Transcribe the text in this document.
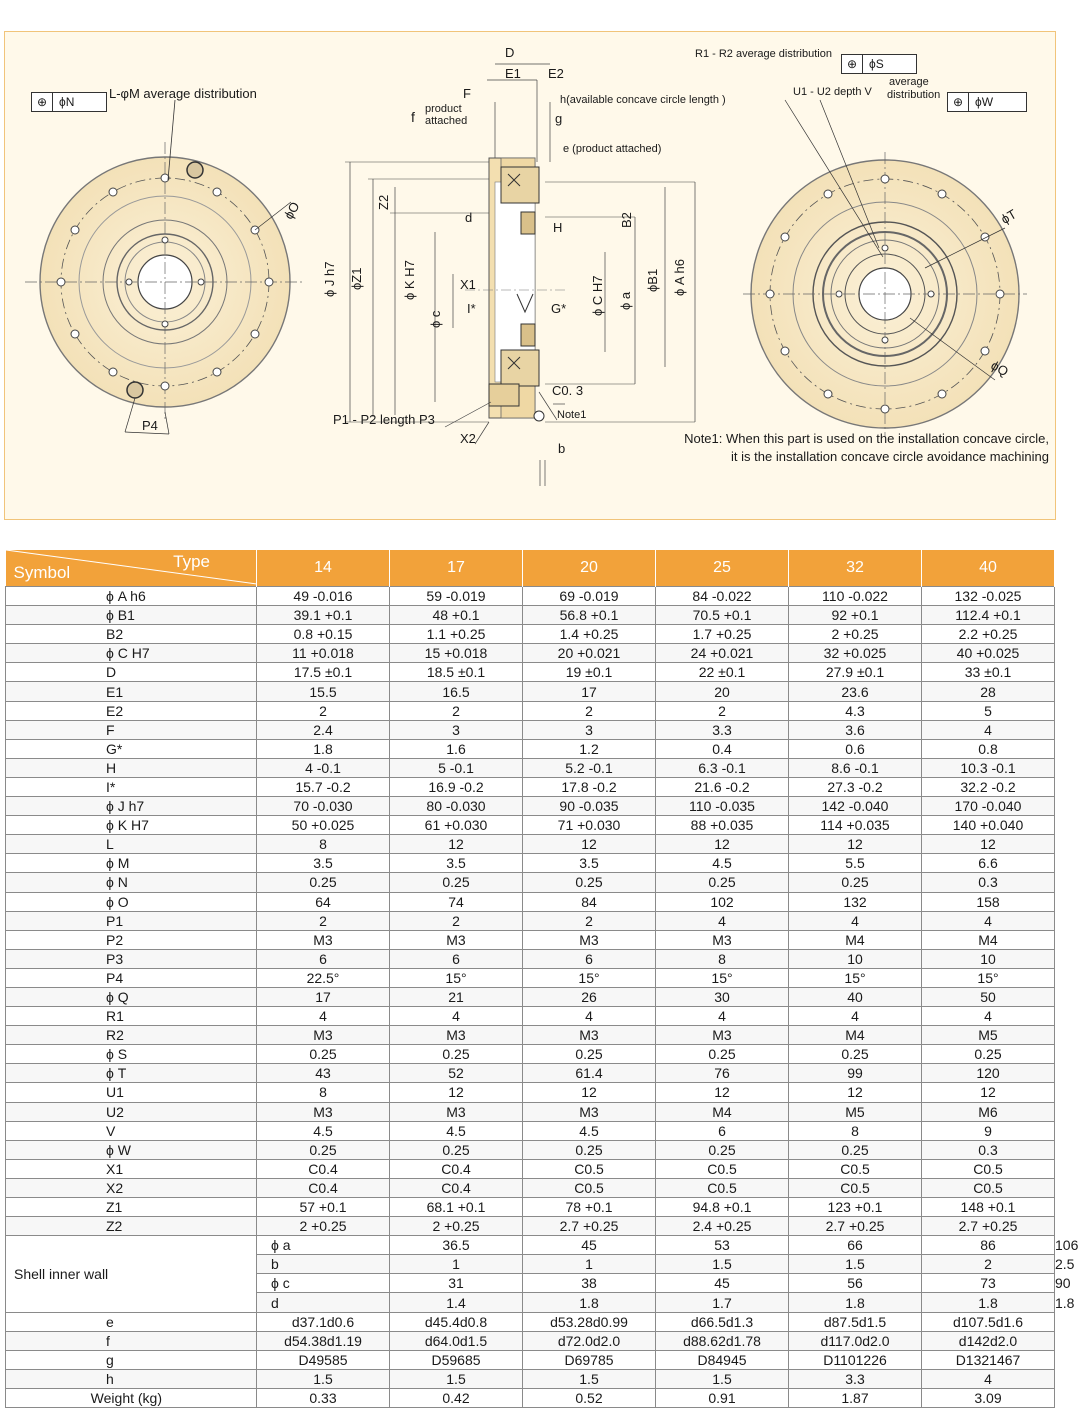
⊕ ϕN
L-φM average distribution
ϕO
P4
D
E1 E2
F	h(available concave circle length )
f product
attached	g
e (product attached)
Z2
d
H	B2
ϕ J h7 ϕZ1	ϕ K H7	X1
I*	G*
ϕ c
ϕ C H7 ϕ a
ϕB1 ϕ A h6
C0. 3
Note1
P1 - P2 length P3
X2
b
R1 - R2 average distribution
⊕ ϕS
U1 - U2 depth V
average
distribution	⊕ ϕW
ϕT
ϕQ
Note1: When this part is used on the installation concave circle,
it is the installation concave circle avoidance machining
Type
Symbol	14	17	20	25	32	40	
ϕ A h6	49 -0.016	59 -0.019	69 -0.019	84 -0.022	110 -0.022	132 -0.025	
ϕ B1	39.1 +0.1	48 +0.1	56.8 +0.1	70.5 +0.1	92 +0.1	112.4 +0.1	
B2	0.8 +0.15	1.1 +0.25	1.4 +0.25	1.7 +0.25	2 +0.25	2.2 +0.25	
ϕ C H7	11 +0.018	15 +0.018	20 +0.021	24 +0.021	32 +0.025	40 +0.025	
D	17.5 ±0.1	18.5 ±0.1	19 ±0.1	22 ±0.1	27.9 ±0.1	33 ±0.1	
E1	15.5	16.5	17	20	23.6	28	
E2	2	2	2	2	4.3	5	
F	2.4	3	3	3.3	3.6	4	
G*	1.8	1.6	1.2	0.4	0.6	0.8	
H	4 -0.1	5 -0.1	5.2 -0.1	6.3 -0.1	8.6 -0.1	10.3 -0.1	
I*	15.7 -0.2	16.9 -0.2	17.8 -0.2	21.6 -0.2	27.3 -0.2	32.2 -0.2	
ϕ J h7	70 -0.030	80 -0.030	90 -0.035	110 -0.035	142 -0.040	170 -0.040	
ϕ K H7	50 +0.025	61 +0.030	71 +0.030	88 +0.035	114 +0.035	140 +0.040	
L	8	12	12	12	12	12	
ϕ M	3.5	3.5	3.5	4.5	5.5	6.6	
ϕ N	0.25	0.25	0.25	0.25	0.25	0.3	
ϕ O	64	74	84	102	132	158	
P1	2	2	2	4	4	4	
P2	M3	M3	M3	M3	M4	M4	
P3	6	6	6	8	10	10	
P4	22.5°	15°	15°	15°	15°	15°	
ϕ Q	17	21	26	30	40	50	
R1	4	4	4	4	4	4	
R2	M3	M3	M3	M3	M4	M5	
ϕ S	0.25	0.25	0.25	0.25	0.25	0.25	
ϕ T	43	52	61.4	76	99	120	
U1	8	12	12	12	12	12	
U2	M3	M3	M3	M4	M5	M6	
V	4.5	4.5	4.5	6	8	9	
ϕ W	0.25	0.25	0.25	0.25	0.25	0.3	
X1	C0.4	C0.4	C0.5	C0.5	C0.5	C0.5	
X2	C0.4	C0.4	C0.5	C0.5	C0.5	C0.5	
Z1	57 +0.1	68.1 +0.1	78 +0.1	94.8 +0.1	123 +0.1	148 +0.1	
Z2	2 +0.25	2 +0.25	2.7 +0.25	2.4 +0.25	2.7 +0.25	2.7 +0.25	
Shell inner wall	ϕ a	36.5	45	53	66	86	106
	b	1	1	1.5	1.5	2	2.5
	ϕ c	31	38	45	56	73	90
	d	1.4	1.8	1.7	1.8	1.8	1.8
e	d37.1d0.6	d45.4d0.8	d53.28d0.99	d66.5d1.3	d87.5d1.5	d107.5d1.6	
f	d54.38d1.19	d64.0d1.5	d72.0d2.0	d88.62d1.78	d117.0d2.0	d142d2.0	
g	D49585	D59685	D69785	D84945	D1101226	D1321467	
h	1.5	1.5	1.5	1.5	3.3	4	
Weight (kg)	0.33	0.42	0.52	0.91	1.87	3.09	
